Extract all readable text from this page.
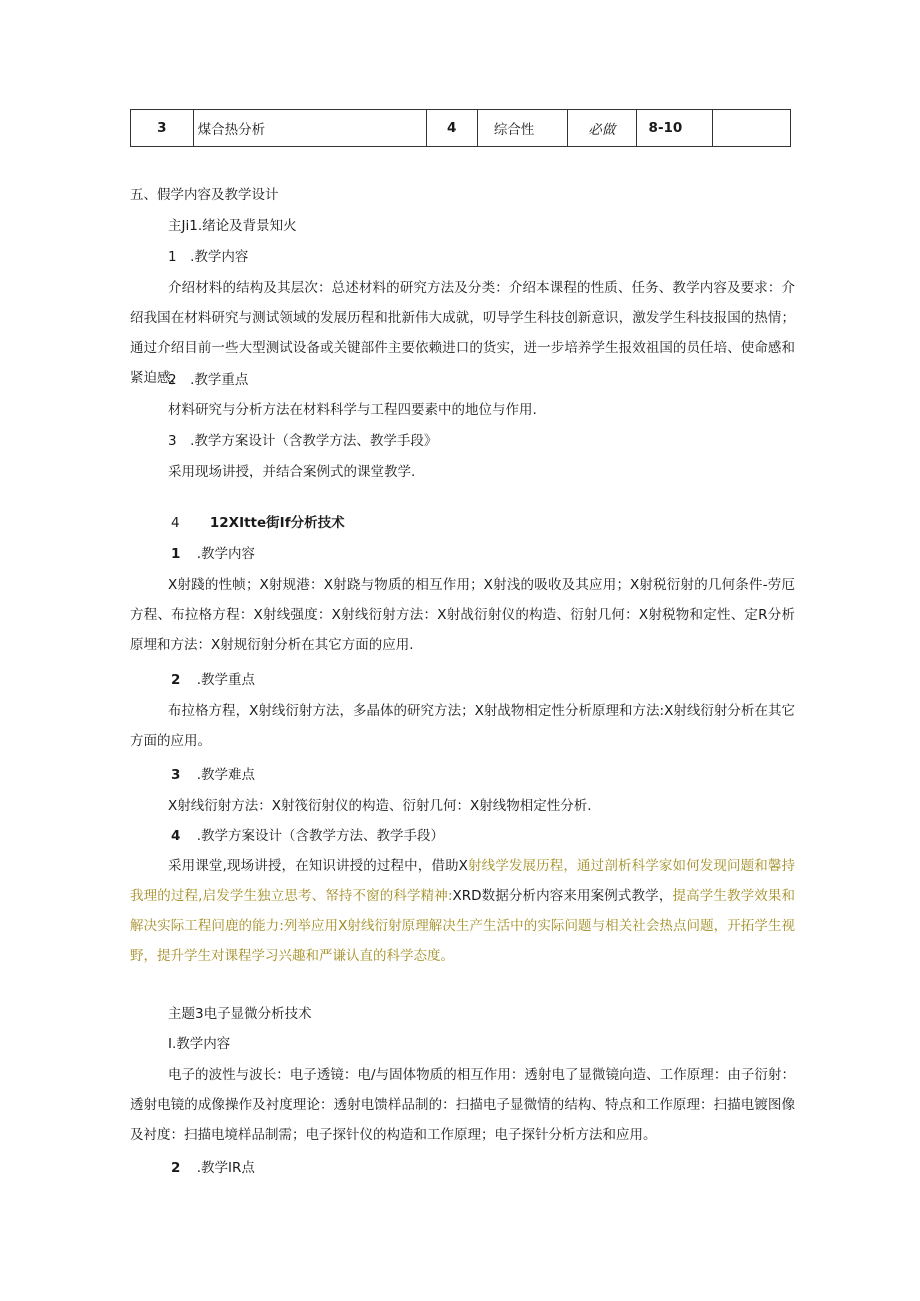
3	煤合热分析	4	综合性	必做	8-10	
五、假学内容及教学设计
主Ji1.绪论及背景知火
1　.教学内容

介绍材料的结构及其层次：总述材料的研究方法及分类：介绍本课程的性质、任务、教学内容及要求：介绍我国在材料研究与测试领域的发展历程和批新伟大成就，叨导学生科技创新意识，激发学生科技报国的热情；通过介绍目前一些大型测试设备或关键部件主要依赖进口的货实，迸一步培养学生报效祖国的员任培、使命感和紧迫感，

2　.教学重点
材料研究与分析方法在材料科学与工程四要素中的地位与作用.
3　.教学方案设计（含教学方法、教学手段》
采用现场讲授，并结合案例式的课堂教学.
4 12XItte街If分析技术
1 .教学内容

X射踐的性帧；X射规港：X射跷与物质的相互作用；X射浅的吸收及其应用；X射税衍射的几何条件-劳厄方程、布拉格方程：X射线强度：X射线衍射方法：X射战衍射仪的构造、衍射几何：X射税物和定性、定R分析原埋和方法：X射规衍射分析在其它方面的应用.

2 .教学重点

布拉格方程，X射线衍射方法，多晶体的研究方法；X射战物相定性分析原理和方法:X射线衍射分析在其它方面的应用。

3 .教学难点
X射线衍射方法：X射筏衍射仪的构造、衍射几何：X射线物相定性分析.
4 .教学方案设计（含教学方法、教学手段）

采用课堂,现场讲授，在知识讲授的过程中，借助X射线学发展历程，通过剖析科学家如何发现问题和馨持我理的过程,启发学生独立思考、帑持不窗的科学精神:XRD数据分析内容来用案例式教学，提高学生教学效果和解决实际工程问鹿的能力:列举应用X射线衍射原理解决生产生活中的实际问题与相关社会热点问题，开拓学生视野，提升学生对课程学习兴趣和严谦认直的科学态度。

主题3电子显微分析技术
I.教学内容

电子的波性与波长：电子透镜：电/与固体物质的相互作用：透射电了显微镜向造、工作原理：由子衍射：透射电镜的成像操作及衬度理论：透射电馈样品制的：扫描电子显微情的结构、特点和工作原理：扫描电镀图像及衬度：扫描电境样品制需；电子探针仪的构造和工作原理；电子探针分析方法和应用。

2 .教学IR点
